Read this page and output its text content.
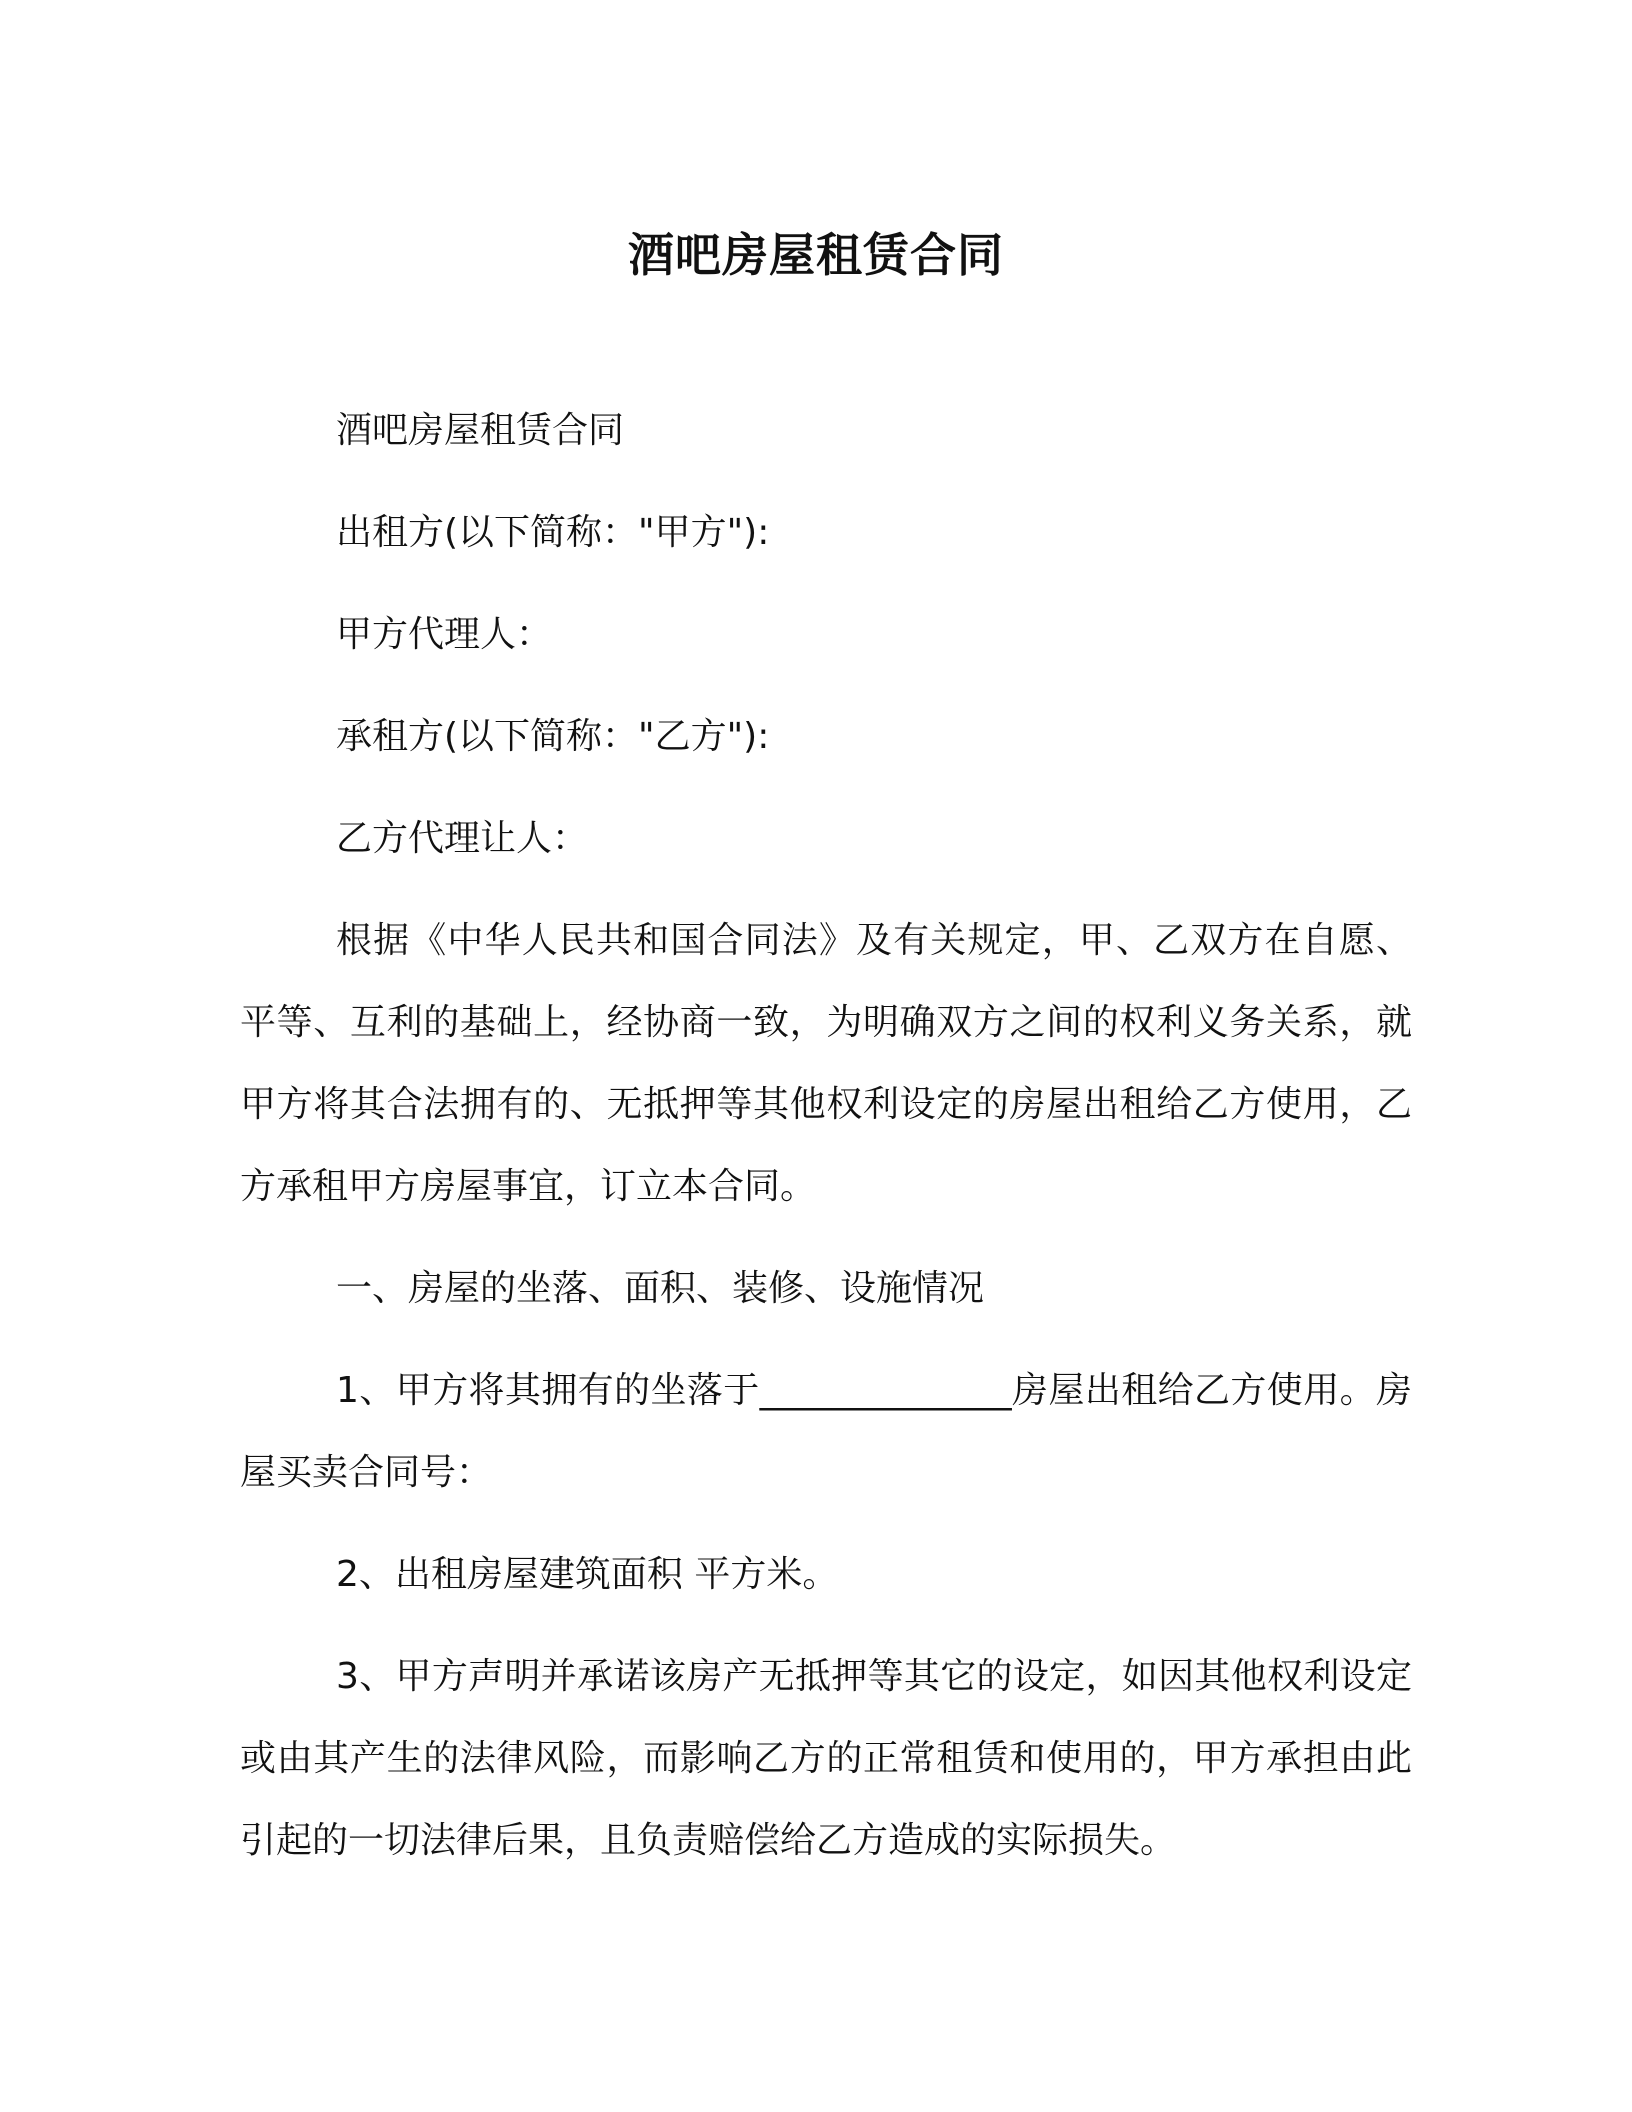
酒吧房屋租赁合同

酒吧房屋租赁合同

出租方(以下简称："甲方"):

甲方代理人：

承租方(以下简称："乙方"):

乙方代理让人：

根据《中华人民共和国合同法》及有关规定，甲、乙双方在自愿、平等、互利的基础上，经协商一致，为明确双方之间的权利义务关系，就甲方将其合法拥有的、无抵押等其他权利设定的房屋出租给乙方使用，乙方承租甲方房屋事宜，订立本合同。

一、房屋的坐落、面积、装修、设施情况

1、甲方将其拥有的坐落于______________房屋出租给乙方使用。房屋买卖合同号：

2、出租房屋建筑面积 平方米。

3、甲方声明并承诺该房产无抵押等其它的设定，如因其他权利设定或由其产生的法律风险，而影响乙方的正常租赁和使用的，甲方承担由此引起的一切法律后果，且负责赔偿给乙方造成的实际损失。
